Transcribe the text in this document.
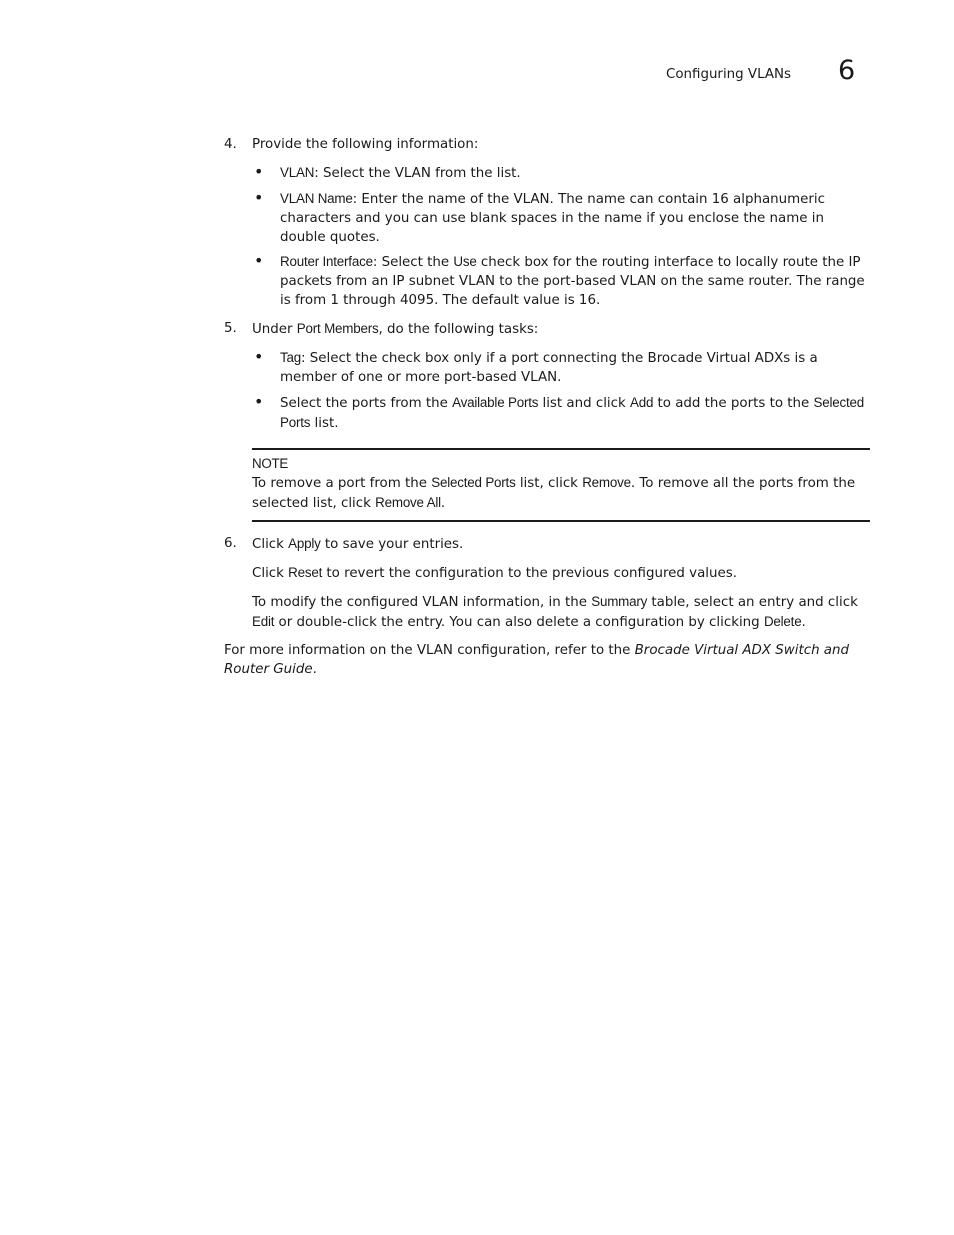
Configuring VLANs 6
4. Provide the following information:

• VLAN: Select the VLAN from the list.
• VLAN Name: Enter the name of the VLAN. The name can contain 16 alphanumeric characters and you can use blank spaces in the name if you enclose the name in double quotes.
• Router Interface: Select the Use check box for the routing interface to locally route the IP packets from an IP subnet VLAN to the port-based VLAN on the same router. The range is from 1 through 4095. The default value is 16.
5. Under Port Members, do the following tasks:

• Tag: Select the check box only if a port connecting the Brocade Virtual ADXs is a member of one or more port-based VLAN.
• Select the ports from the Available Ports list and click Add to add the ports to the Selected Ports list.
NOTE
To remove a port from the Selected Ports list, click Remove. To remove all the ports from the selected list, click Remove All.
6. Click Apply to save your entries.

Click Reset to revert the configuration to the previous configured values.

To modify the configured VLAN information, in the Summary table, select an entry and click Edit or double-click the entry. You can also delete a configuration by clicking Delete.

For more information on the VLAN configuration, refer to the Brocade Virtual ADX Switch and Router Guide.
